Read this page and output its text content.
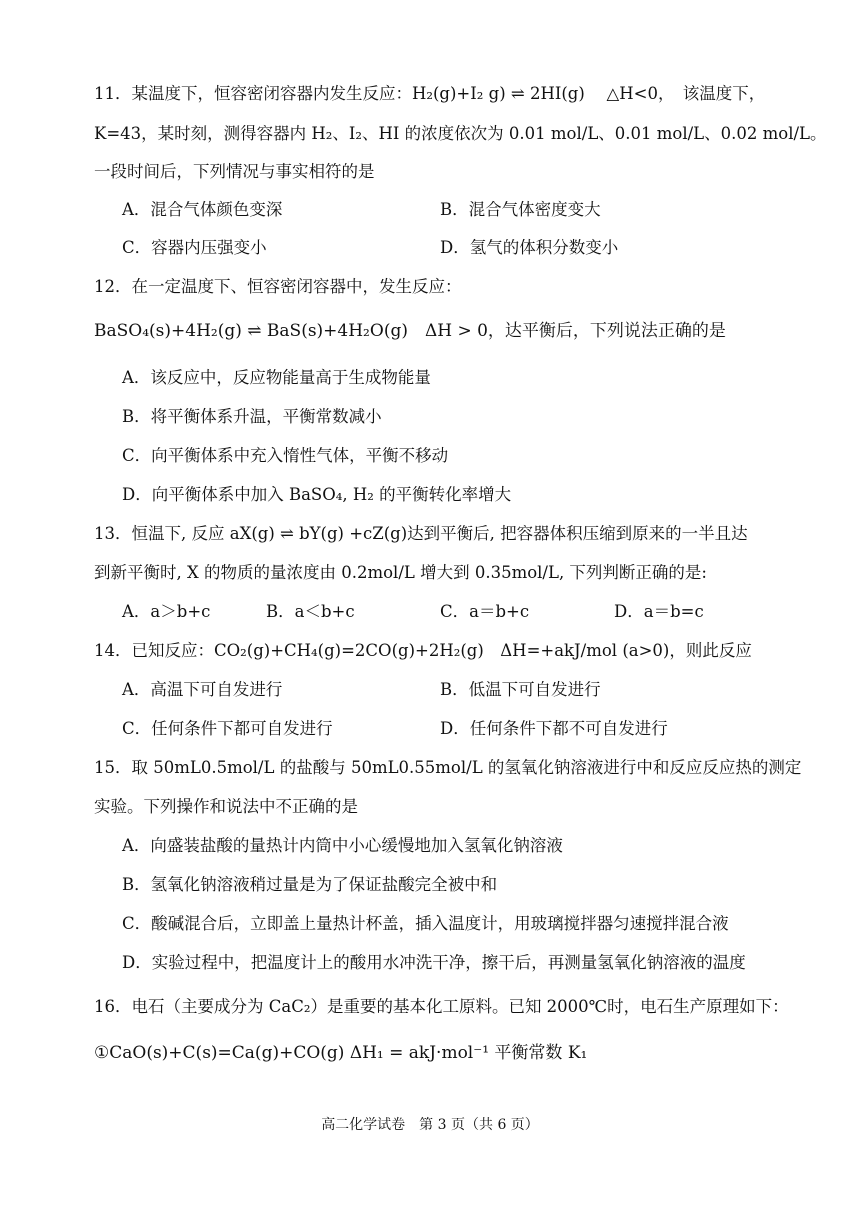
11．某温度下，恒容密闭容器内发生反应：H₂(g)+I₂ g) ⇌ 2HI(g)　 △H<0，　该温度下，
K=43，某时刻，测得容器内 H₂、I₂、HI 的浓度依次为 0.01 mol/L、0.01 mol/L、0.02 mol/L。
一段时间后，下列情况与事实相符的是
A．混合气体颜色变深	B．混合气体密度变大
C．容器内压强变小	D．氢气的体积分数变小
12．在一定温度下、恒容密闭容器中，发生反应：
BaSO₄(s)+4H₂(g) ⇌ BaS(s)+4H₂O(g)　ΔH > 0，达平衡后，下列说法正确的是
A．该反应中，反应物能量高于生成物能量
B．将平衡体系升温，平衡常数减小
C．向平衡体系中充入惰性气体，平衡不移动
D．向平衡体系中加入 BaSO₄, H₂ 的平衡转化率增大
13．恒温下, 反应 aX(g) ⇌ bY(g) +cZ(g)达到平衡后, 把容器体积压缩到原来的一半且达
到新平衡时, X 的物质的量浓度由 0.2mol/L 增大到 0.35mol/L, 下列判断正确的是:
A．a＞b+c	B．a＜b+c	C．a＝b+c	D．a＝b=c
14．已知反应：CO₂(g)+CH₄(g)=2CO(g)+2H₂(g)　ΔH=+akJ/mol (a>0)，则此反应
A．高温下可自发进行	B．低温下可自发进行
C．任何条件下都可自发进行	D．任何条件下都不可自发进行
15．取 50mL0.5mol/L 的盐酸与 50mL0.55mol/L 的氢氧化钠溶液进行中和反应反应热的测定
实验。下列操作和说法中不正确的是
A．向盛装盐酸的量热计内筒中小心缓慢地加入氢氧化钠溶液
B．氢氧化钠溶液稍过量是为了保证盐酸完全被中和
C．酸碱混合后，立即盖上量热计杯盖，插入温度计，用玻璃搅拌器匀速搅拌混合液
D．实验过程中，把温度计上的酸用水冲洗干净，擦干后，再测量氢氧化钠溶液的温度
16．电石（主要成分为 CaC₂）是重要的基本化工原料。已知 2000℃时，电石生产原理如下：
①CaO(s)+C(s)=Ca(g)+CO(g) ΔH₁ = akJ·mol⁻¹ 平衡常数 K₁
高二化学试卷　第 3 页（共 6 页）
